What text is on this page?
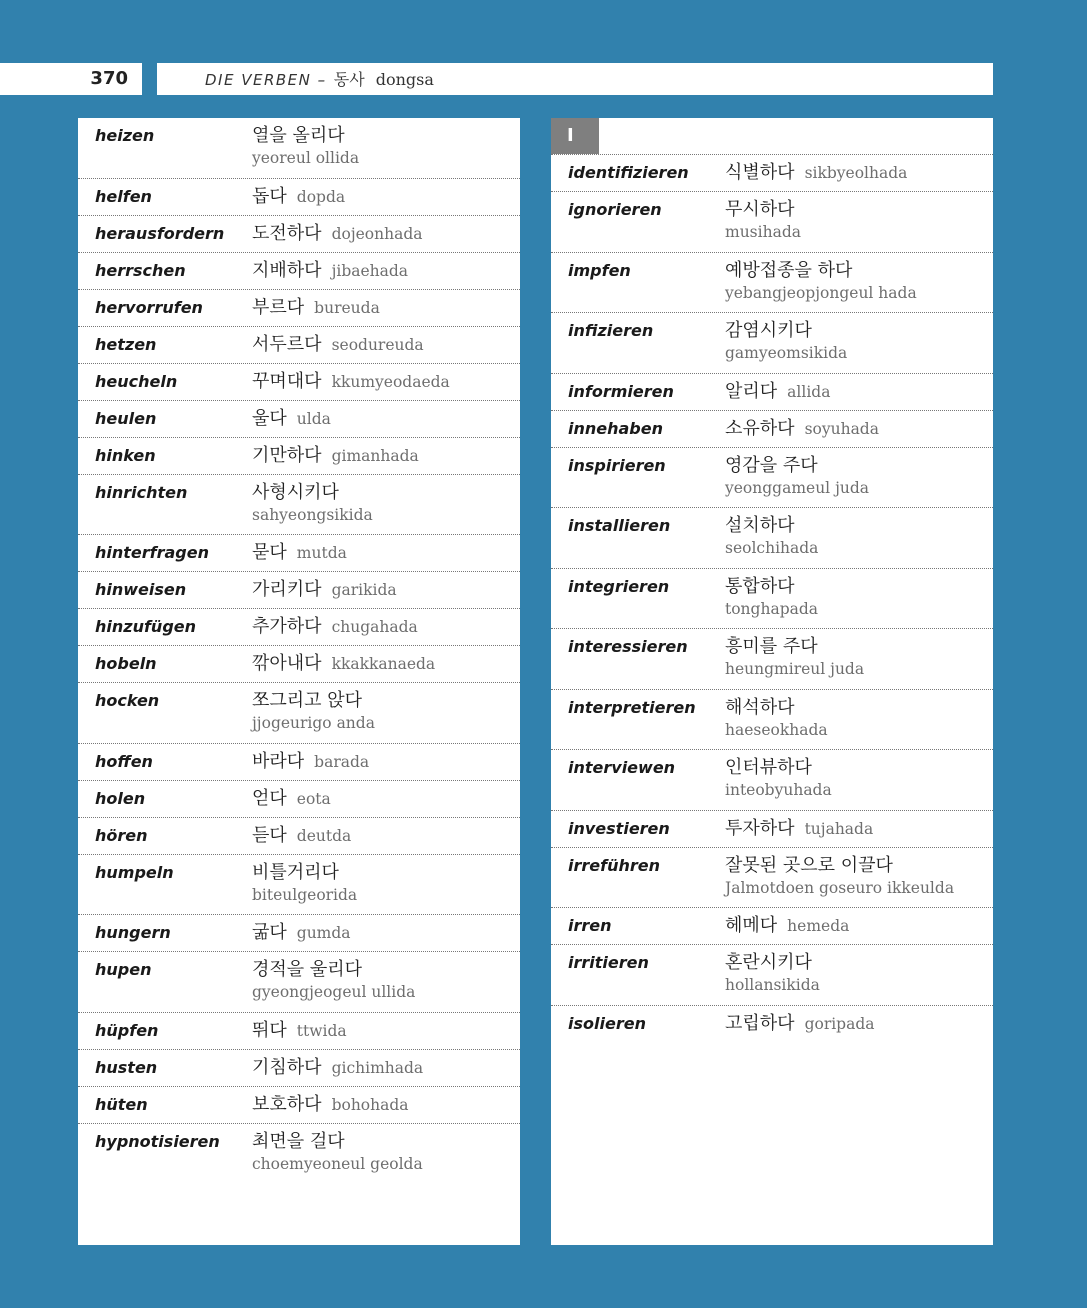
370	DIE VERBEN – 동사 dongsa
heizen	열을 올리다
yeoreul ollida
helfen	돕다 dopda
herausfordern	도전하다 dojeonhada
herrschen	지배하다 jibaehada
hervorrufen	부르다 bureuda
hetzen	서두르다 seodureuda
heucheln	꾸며대다 kkumyeodaeda
heulen	울다 ulda
hinken	기만하다 gimanhada
hinrichten	사형시키다
sahyeongsikida
hinterfragen	묻다 mutda
hinweisen	가리키다 garikida
hinzufügen	추가하다 chugahada
hobeln	깎아내다 kkakkanaeda
hocken	쪼그리고 앉다
jjogeurigo anda
hoffen	바라다 barada
holen	얻다 eota
hören	듣다 deutda
humpeln	비틀거리다
biteulgeorida
hungern	굶다 gumda
hupen	경적을 울리다
gyeongjeogeul ullida
hüpfen	뛰다 ttwida
husten	기침하다 gichimhada
hüten	보호하다 bohohada
hypnotisieren	최면을 걸다
choemyeoneul geolda
I
identifizieren	식별하다 sikbyeolhada
ignorieren	무시하다
musihada
impfen	예방접종을 하다
yebangjeopjongeul hada
infizieren	감염시키다
gamyeomsikida
informieren	알리다 allida
innehaben	소유하다 soyuhada
inspirieren	영감을 주다
yeonggameul juda
installieren	설치하다
seolchihada
integrieren	통합하다
tonghapada
interessieren	흥미를 주다
heungmireul juda
interpretieren	해석하다
haeseokhada
interviewen	인터뷰하다
inteobyuhada
investieren	투자하다 tujahada
irreführen	잘못된 곳으로 이끌다
Jalmotdoen goseuro ikkeulda
irren	헤메다 hemeda
irritieren	혼란시키다
hollansikida
isolieren	고립하다 goripada
